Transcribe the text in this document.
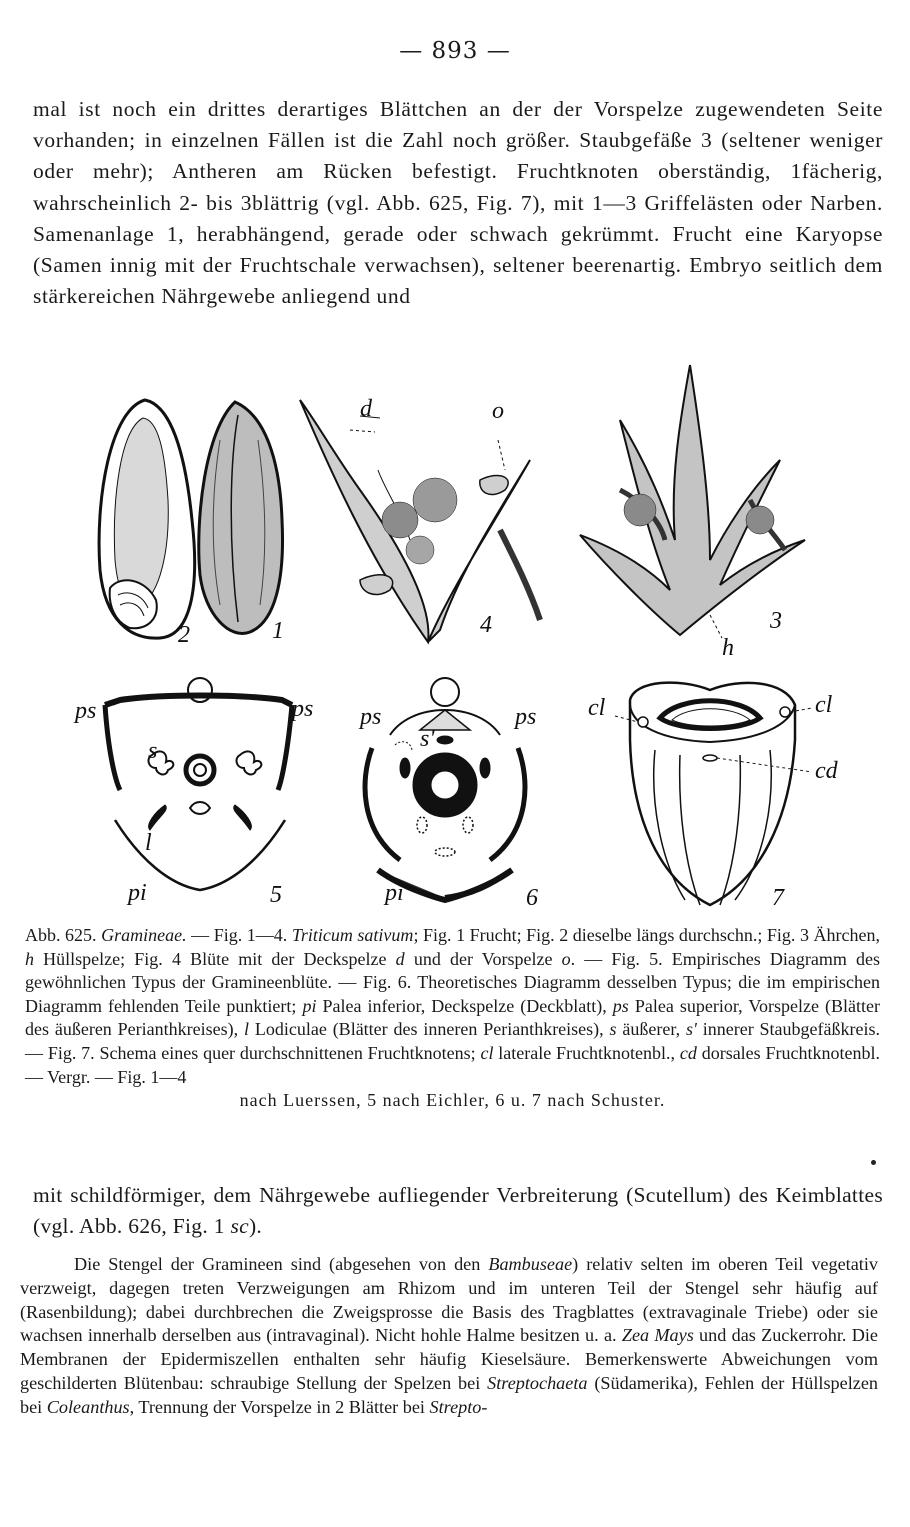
— 893 —

mal ist noch ein drittes derartiges Blättchen an der der Vorspelze zugewendeten Seite vorhanden; in einzelnen Fällen ist die Zahl noch größer. Staubgefäße 3 (seltener weniger oder mehr); Antheren am Rücken befestigt. Fruchtknoten oberständig, 1fächerig, wahrscheinlich 2- bis 3blättrig (vgl. Abb. 625, Fig. 7), mit 1—3 Griffelästen oder Narben. Samenanlage 1, herabhängend, gerade oder schwach gekrümmt. Frucht eine Karyopse (Samen innig mit der Fruchtschale verwachsen), seltener beerenartig. Embryo seitlich dem stärkereichen Nährgewebe anliegend und

2	1
d	o
4
h
3
ps	ps
s
l
pi	5
ps	ps
s'
pi	6
cl	cl
cd
7
Abb. 625. Gramineae. — Fig. 1—4. Triticum sativum; Fig. 1 Frucht; Fig. 2 dieselbe längs durchschn.; Fig. 3 Ährchen, h Hüllspelze; Fig. 4 Blüte mit der Deckspelze d und der Vorspelze o. — Fig. 5. Empirisches Diagramm des gewöhnlichen Typus der Gramineenblüte. — Fig. 6. Theoretisches Diagramm desselben Typus; die im empirischen Diagramm fehlenden Teile punktiert; pi Palea inferior, Deckspelze (Deckblatt), ps Palea superior, Vorspelze (Blätter des äußeren Perianthkreises), l Lodiculae (Blätter des inneren Perianthkreises), s äußerer, s' innerer Staubgefäßkreis. — Fig. 7. Schema eines quer durchschnittenen Fruchtknotens; cl laterale Fruchtknotenbl., cd dorsales Fruchtknotenbl. — Vergr. — Fig. 1—4
nach Luerssen, 5 nach Eichler, 6 u. 7 nach Schuster.

mit schildförmiger, dem Nährgewebe aufliegender Verbreiterung (Scutellum) des Keimblattes (vgl. Abb. 626, Fig. 1 sc).

Die Stengel der Gramineen sind (abgesehen von den Bambuseae) relativ selten im oberen Teil vegetativ verzweigt, dagegen treten Verzweigungen am Rhizom und im unteren Teil der Stengel sehr häufig auf (Rasenbildung); dabei durchbrechen die Zweigsprosse die Basis des Tragblattes (extravaginale Triebe) oder sie wachsen innerhalb derselben aus (intravaginal). Nicht hohle Halme besitzen u. a. Zea Mays und das Zuckerrohr. Die Membranen der Epidermiszellen enthalten sehr häufig Kieselsäure. Bemerkenswerte Abweichungen vom geschilderten Blütenbau: schraubige Stellung der Spelzen bei Streptochaeta (Südamerika), Fehlen der Hüllspelzen bei Coleanthus, Trennung der Vorspelze in 2 Blätter bei Strepto-
